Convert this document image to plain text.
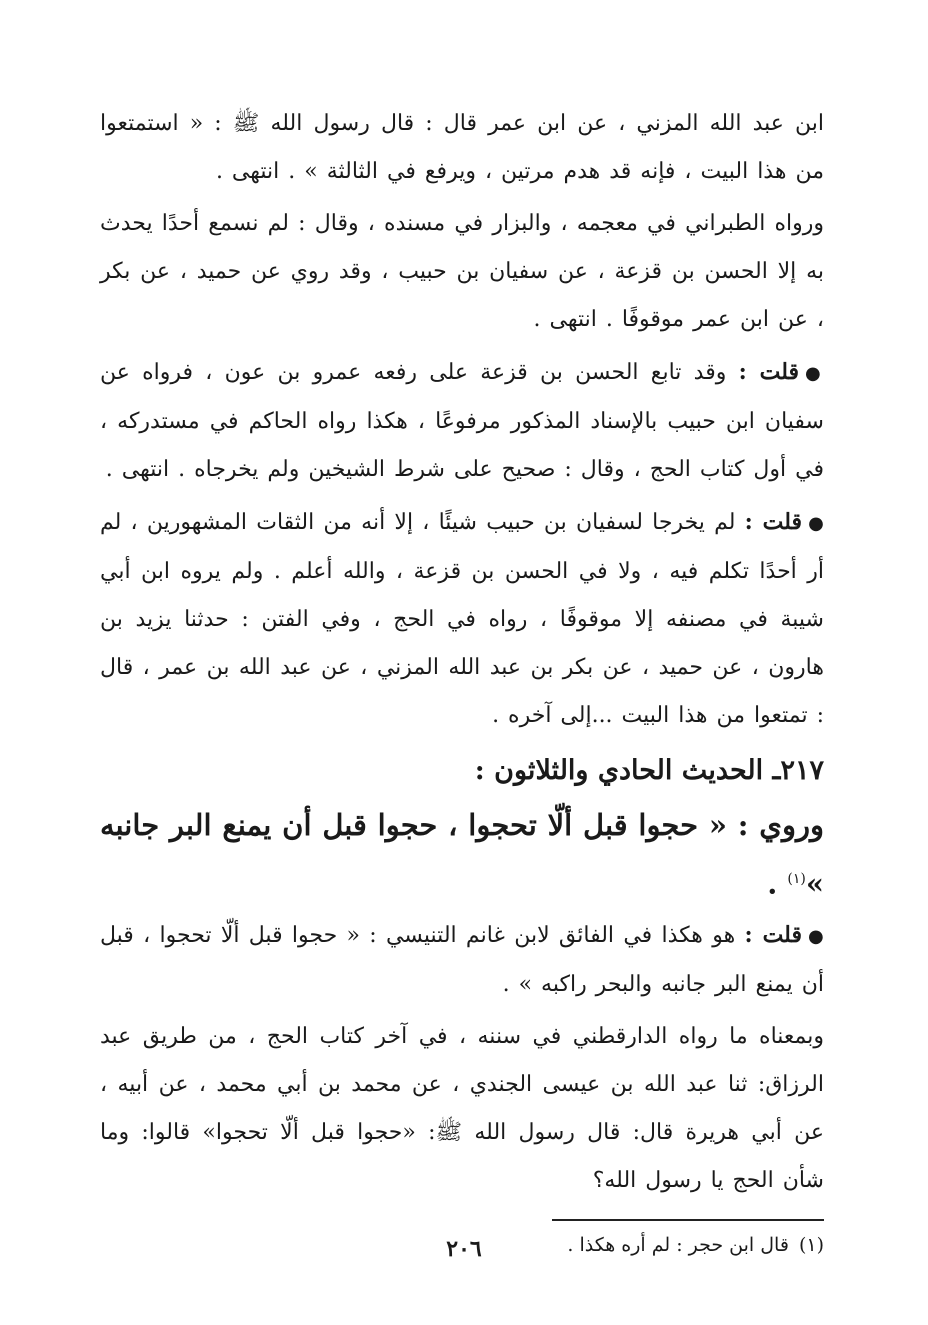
ابن عبد الله المزني ، عن ابن عمر قال : قال رسول الله ﷺ : « استمتعوا من هذا البيت ، فإنه قد هدم مرتين ، ويرفع في الثالثة » . انتهى .

ورواه الطبراني في معجمه ، والبزار في مسنده ، وقال : لم نسمع أحدًا يحدث به إلا الحسن بن قزعة ، عن سفيان بن حبيب ، وقد روي عن حميد ، عن بكر ، عن ابن عمر موقوفًا . انتهى .

●قلت : وقد تابع الحسن بن قزعة على رفعه عمرو بن عون ، فرواه عن سفيان ابن حبيب بالإسناد المذكور مرفوعًا ، هكذا رواه الحاكم في مستدركه ، في أول كتاب الحج ، وقال : صحيح على شرط الشيخين ولم يخرجاه . انتهى .

●قلت : لم يخرجا لسفيان بن حبيب شيئًا ، إلا أنه من الثقات المشهورين ، لم أر أحدًا تكلم فيه ، ولا في الحسن بن قزعة ، والله أعلم . ولم يروه ابن أبي شيبة في مصنفه إلا موقوفًا ، رواه في الحج ، وفي الفتن : حدثنا يزيد بن هارون ، عن حميد ، عن بكر بن عبد الله المزني ، عن عبد الله بن عمر ، قال : تمتعوا من هذا البيت ...إلى آخره .

٢١٧ـ الحديث الحادي والثلاثون :

وروي : « حجوا قبل ألّا تحجوا ، حجوا قبل أن يمنع البر جانبه »$^{(١)}$ .

●قلت : هو هكذا في الفائق لابن غانم التنيسي : « حجوا قبل ألّا تحجوا ، قبل أن يمنع البر جانبه والبحر راكبه » .

وبمعناه ما رواه الدارقطني في سننه ، في آخر كتاب الحج ، من طريق عبد الرزاق: ثنا عبد الله بن عيسى الجندي ، عن محمد بن أبي محمد ، عن أبيه ، عن أبي هريرة قال: قال رسول الله ﷺ: «حجوا قبل ألّا تحجوا» قالوا: وما شأن الحج يا رسول الله؟

(١)قال ابن حجر : لم أره هكذا .

٢٠٦
